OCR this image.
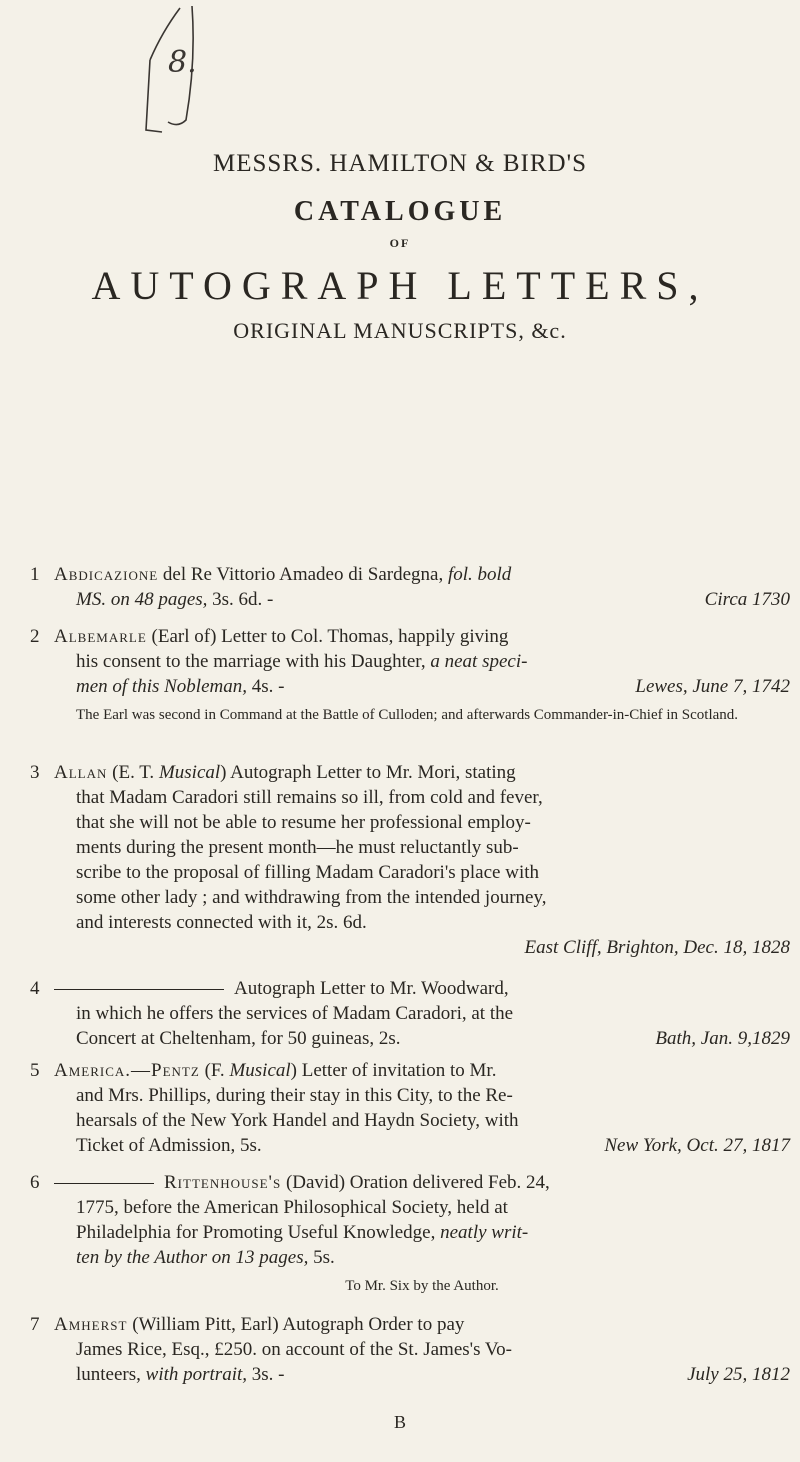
8.
MESSRS. HAMILTON & BIRD'S
CATALOGUE
OF
AUTOGRAPH LETTERS,
ORIGINAL MANUSCRIPTS, &c.
1 Abdicazione del Re Vittorio Amadeo di Sardegna, fol. bold
MS. on 48 pages, 3s. 6d. -	Circa 1730
2 Albemarle (Earl of) Letter to Col. Thomas, happily giving
his consent to the marriage with his Daughter, a neat speci-
men of this Nobleman, 4s. -	Lewes, June 7, 1742
The Earl was second in Command at the Battle of Culloden; and afterwards Commander-in-Chief in Scotland.
3 Allan (E. T. Musical) Autograph Letter to Mr. Mori, stating
that Madam Caradori still remains so ill, from cold and fever,
that she will not be able to resume her professional employ-
ments during the present month—he must reluctantly sub-
scribe to the proposal of filling Madam Caradori's place with
some other lady ; and withdrawing from the intended journey,
and interests connected with it, 2s. 6d.
East Cliff, Brighton, Dec. 18, 1828
4	Autograph Letter to Mr. Woodward,
in which he offers the services of Madam Caradori, at the
Concert at Cheltenham, for 50 guineas, 2s.	Bath, Jan. 9,1829
5 America.—Pentz (F. Musical) Letter of invitation to Mr.
and Mrs. Phillips, during their stay in this City, to the Re-
hearsals of the New York Handel and Haydn Society, with
Ticket of Admission, 5s.	New York, Oct. 27, 1817
6	Rittenhouse's (David) Oration delivered Feb. 24,
1775, before the American Philosophical Society, held at
Philadelphia for Promoting Useful Knowledge, neatly writ-
ten by the Author on 13 pages, 5s.
To Mr. Six by the Author.
7 Amherst (William Pitt, Earl) Autograph Order to pay
James Rice, Esq., £250. on account of the St. James's Vo-
lunteers, with portrait, 3s. -	July 25, 1812
B
